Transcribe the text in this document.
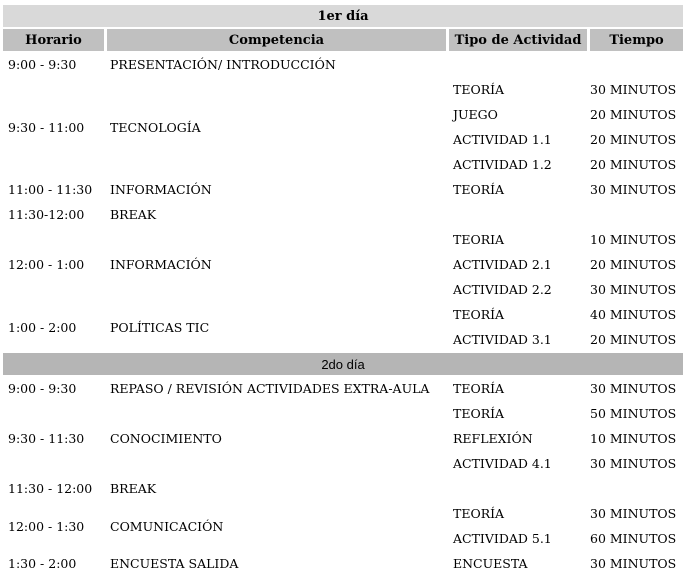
1er día			
Horario	Competencia	Tipo de Actividad	Tiempo
9:00 - 9:30	PRESENTACIÓN/ INTRODUCCIÓN		
9:30 - 11:00	TECNOLOGÍA	TEORÍA	30 MINUTOS
		JUEGO	20 MINUTOS
		ACTIVIDAD 1.1	20 MINUTOS
		ACTIVIDAD 1.2	20 MINUTOS
11:00 - 11:30	INFORMACIÓN	TEORÍA	30 MINUTOS
11:30-12:00	BREAK		
12:00 - 1:00	INFORMACIÓN	TEORIA	10 MINUTOS
		ACTIVIDAD 2.1	20 MINUTOS
		ACTIVIDAD 2.2	30 MINUTOS
1:00 - 2:00	POLÍTICAS TIC	TEORÍA	40 MINUTOS
		ACTIVIDAD 3.1	20 MINUTOS
2do día			
9:00 - 9:30	REPASO / REVISIÓN ACTIVIDADES EXTRA-AULA	TEORÍA	30 MINUTOS
9:30 - 11:30	CONOCIMIENTO	TEORÍA	50 MINUTOS
		REFLEXIÓN	10 MINUTOS
		ACTIVIDAD 4.1	30 MINUTOS
11:30 - 12:00	BREAK		
12:00 - 1:30	COMUNICACIÓN	TEORÍA	30 MINUTOS
		ACTIVIDAD 5.1	60 MINUTOS
1:30 - 2:00	ENCUESTA SALIDA	ENCUESTA	30 MINUTOS
